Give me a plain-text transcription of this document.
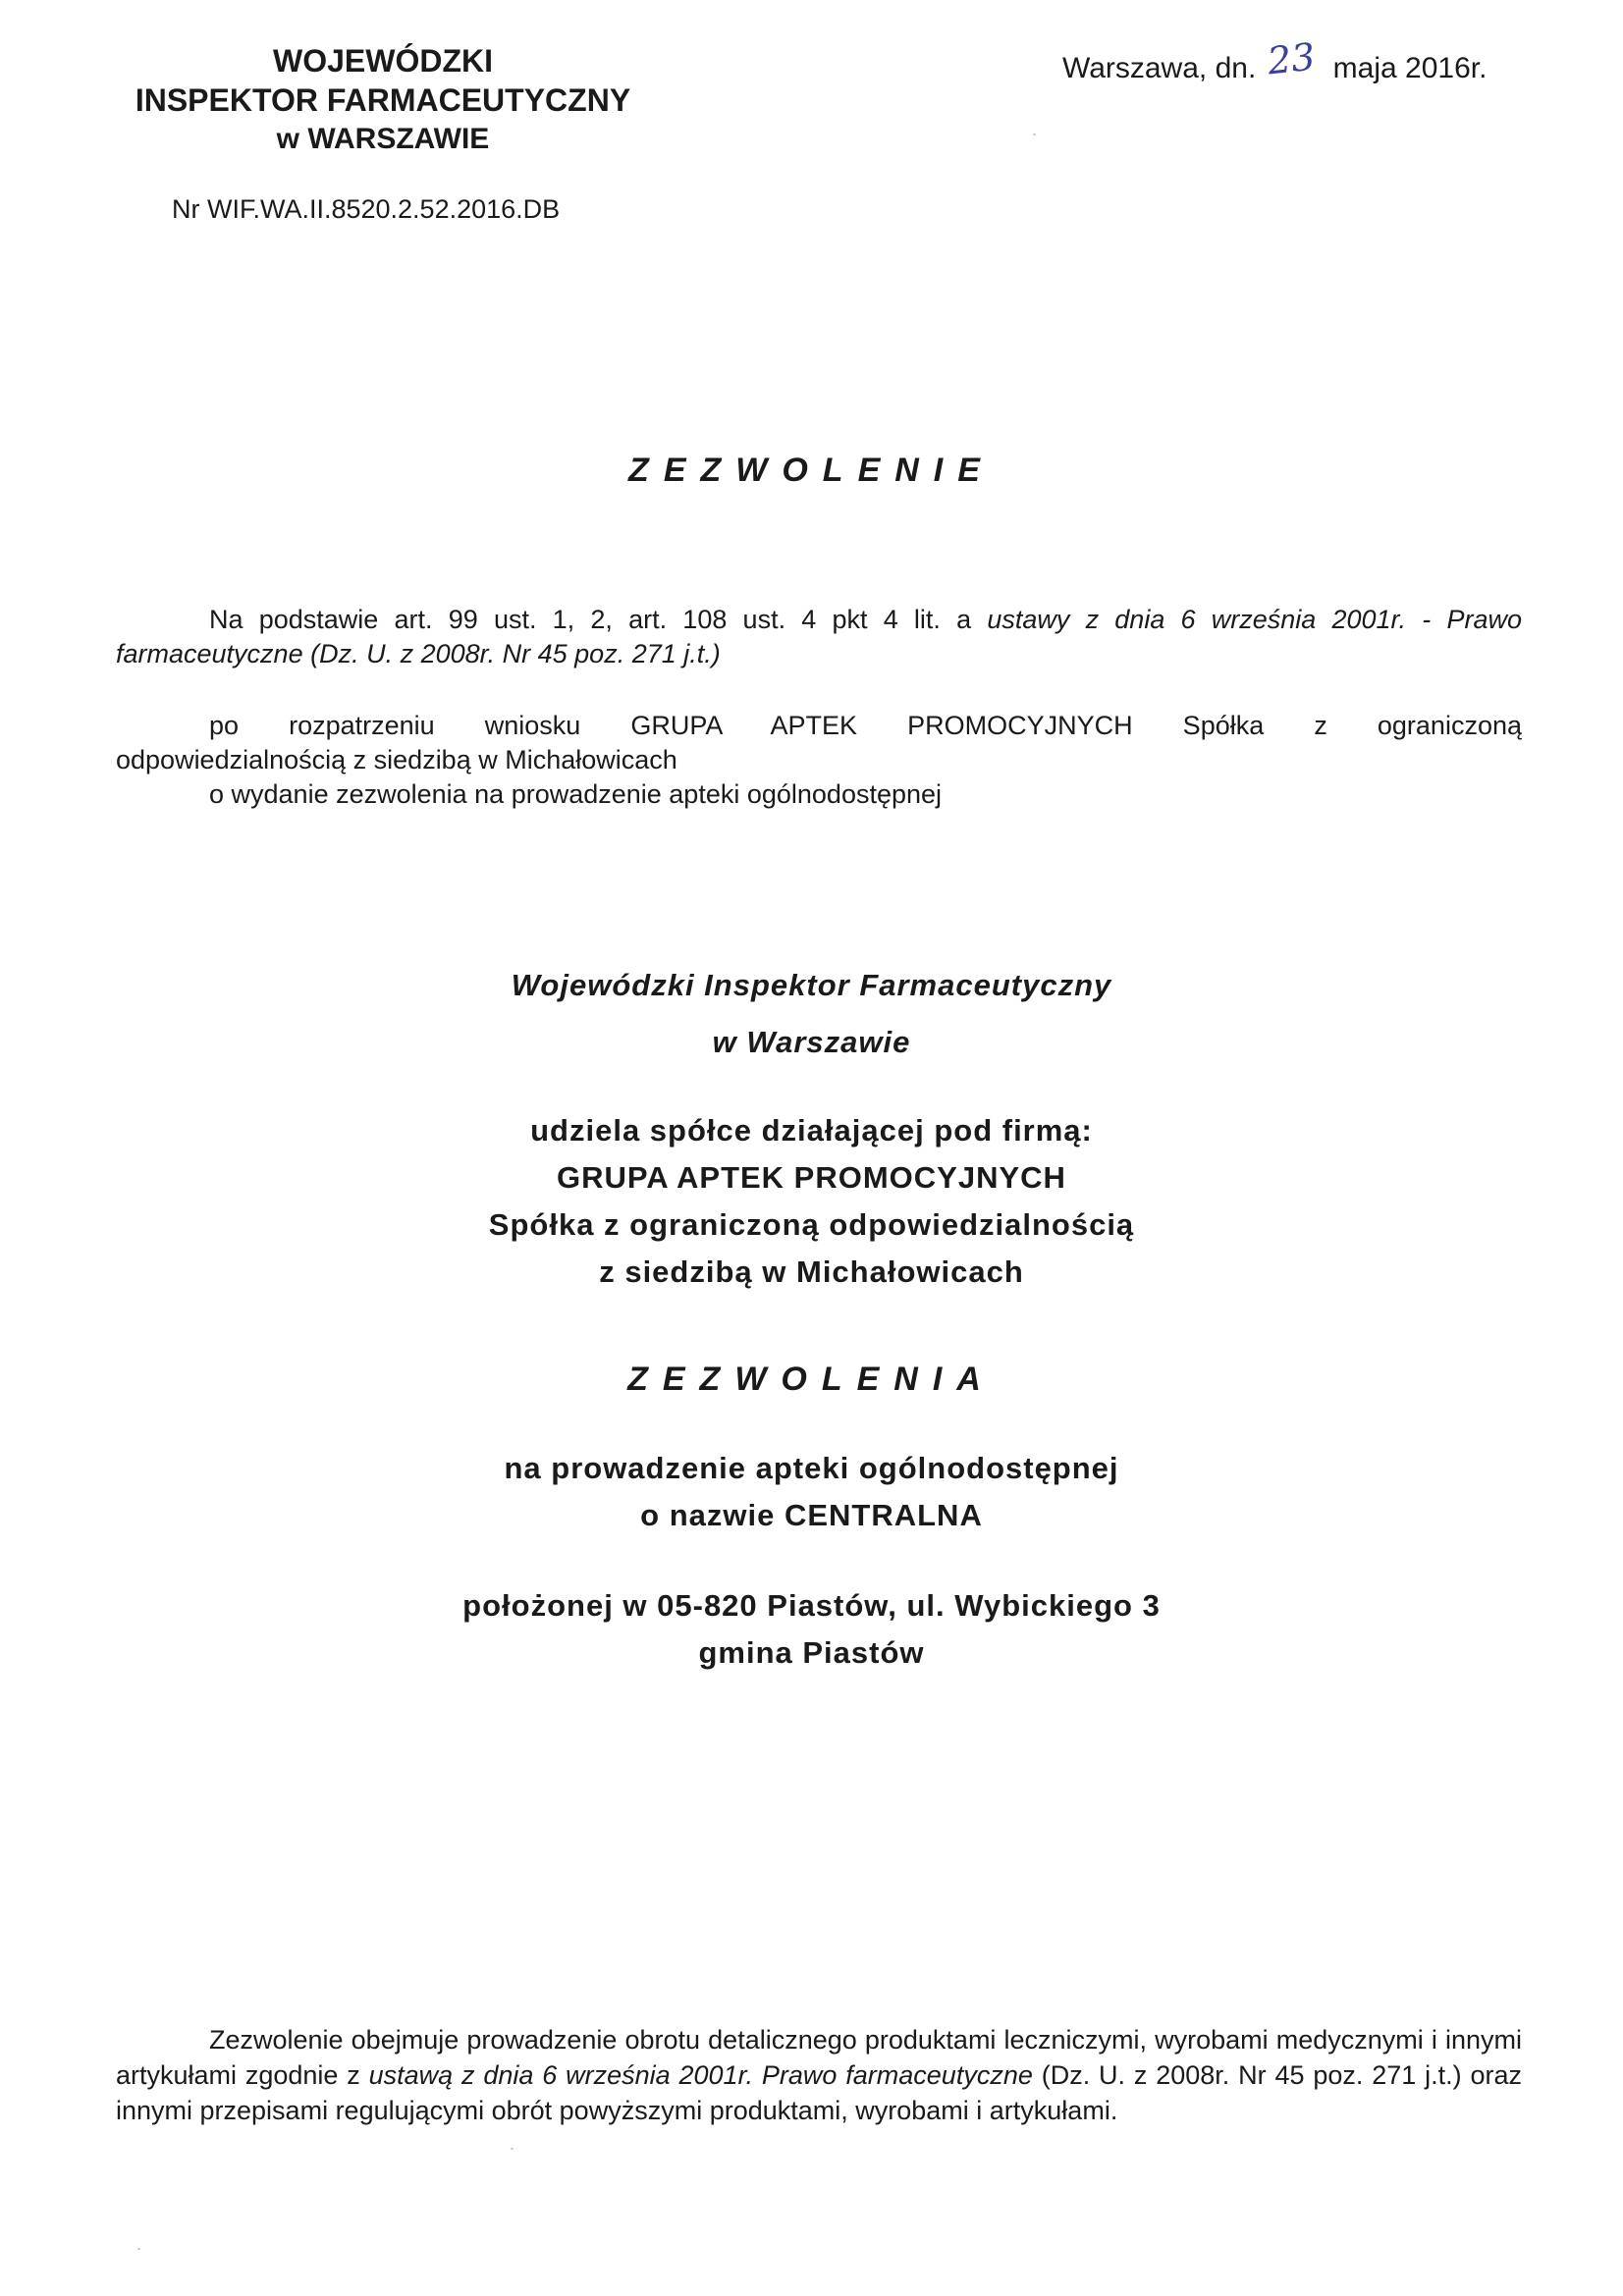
WOJEWÓDZKI
INSPEKTOR FARMACEUTYCZNY
w WARSZAWIE
Warszawa, dn. 23 maja 2016r.
Nr WIF.WA.II.8520.2.52.2016.DB
ZEZWOLENIE

Na podstawie art. 99 ust. 1, 2, art. 108 ust. 4 pkt 4 lit. a ustawy z dnia 6 września 2001r. - Prawo farmaceutyczne (Dz. U. z 2008r. Nr 45 poz. 271 j.t.)

po rozpatrzeniu wniosku GRUPA APTEK PROMOCYJNYCH Spółka z ograniczoną
odpowiedzialnością z siedzibą w Michałowicach
o wydanie zezwolenia na prowadzenie apteki ogólnodostępnej
Wojewódzki Inspektor Farmaceutyczny
w Warszawie
udziela spółce działającej pod firmą:
GRUPA APTEK PROMOCYJNYCH
Spółka z ograniczoną odpowiedzialnością
z siedzibą w Michałowicach
ZEZWOLENIA
na prowadzenie apteki ogólnodostępnej
o nazwie CENTRALNA
położonej w 05-820 Piastów, ul. Wybickiego 3
gmina Piastów

Zezwolenie obejmuje prowadzenie obrotu detalicznego produktami leczniczymi, wyrobami medycznymi i innymi artykułami zgodnie z ustawą z dnia 6 września 2001r. Prawo farmaceutyczne (Dz. U. z 2008r. Nr 45 poz. 271 j.t.) oraz innymi przepisami regulującymi obrót powyższymi produktami, wyrobami i artykułami.
